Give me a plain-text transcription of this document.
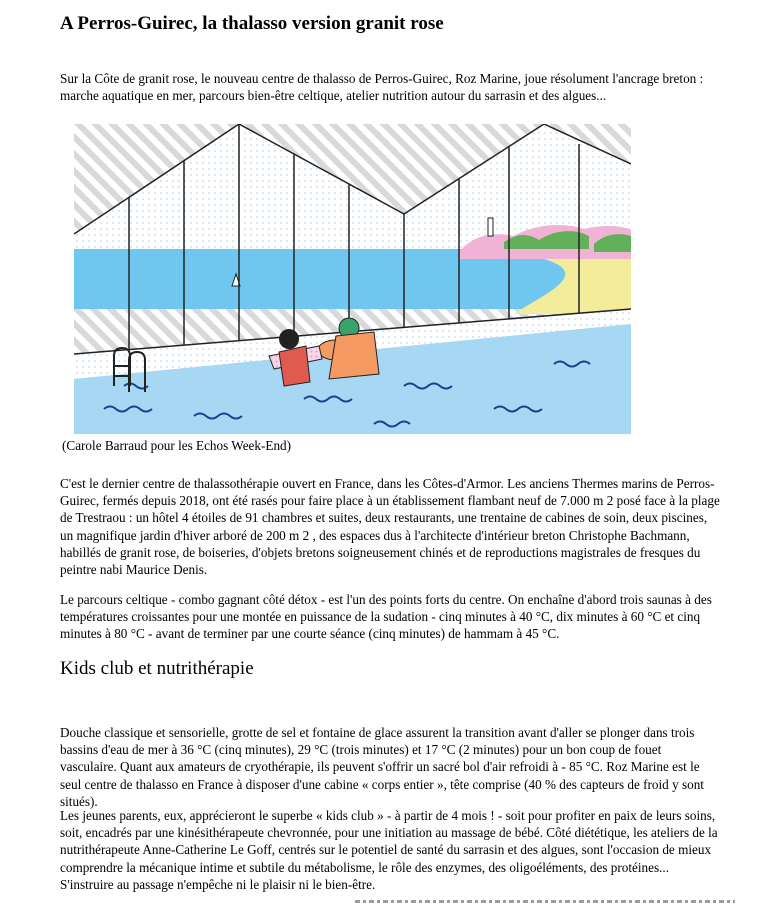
A Perros-Guirec, la thalasso version granit rose

Sur la Côte de granit rose, le nouveau centre de thalasso de Perros-Guirec, Roz Marine, joue résolument l'ancrage breton : marche aquatique en mer, parcours bien-être celtique, atelier nutrition autour du sarrasin et des algues...

(Carole Barraud pour les Echos Week-End)

C'est le dernier centre de thalassothérapie ouvert en France, dans les Côtes-d'Armor. Les anciens Thermes marins de Perros-Guirec, fermés depuis 2018, ont été rasés pour faire place à un établissement flambant neuf de 7.000 m 2 posé face à la plage de Trestraou : un hôtel 4 étoiles de 91 chambres et suites, deux restaurants, une trentaine de cabines de soin, deux piscines, un magnifique jardin d'hiver arboré de 200 m 2 , des espaces dus à l'architecte d'intérieur breton Christophe Bachmann, habillés de granit rose, de boiseries, d'objets bretons soigneusement chinés et de reproductions magistrales de fresques du peintre nabi Maurice Denis.

Le parcours celtique - combo gagnant côté détox - est l'un des points forts du centre. On enchaîne d'abord trois saunas à des températures croissantes pour une montée en puissance de la sudation - cinq minutes à 40 °C, dix minutes à 60 °C et cinq minutes à 80 °C - avant de terminer par une courte séance (cinq minutes) de hammam à 45 °C.

Kids club et nutrithérapie

Douche classique et sensorielle, grotte de sel et fontaine de glace assurent la transition avant d'aller se plonger dans trois bassins d'eau de mer à 36 °C (cinq minutes), 29 °C (trois minutes) et 17 °C (2 minutes) pour un bon coup de fouet vasculaire. Quant aux amateurs de cryothérapie, ils peuvent s'offrir un sacré bol d'air refroidi à - 85 °C. Roz Marine est le seul centre de thalasso en France à disposer d'une cabine « corps entier », tête comprise (40 % des capteurs de froid y sont situés).

Les jeunes parents, eux, apprécieront le superbe « kids club » - à partir de 4 mois ! - soit pour profiter en paix de leurs soins, soit, encadrés par une kinésithérapeute chevronnée, pour une initiation au massage de bébé. Côté diététique, les ateliers de la nutrithérapeute Anne-Catherine Le Goff, centrés sur le potentiel de santé du sarrasin et des algues, sont l'occasion de mieux comprendre la mécanique intime et subtile du métabolisme, le rôle des enzymes, des oligoéléments, des protéines... S'instruire au passage n'empêche ni le plaisir ni le bien-être.
